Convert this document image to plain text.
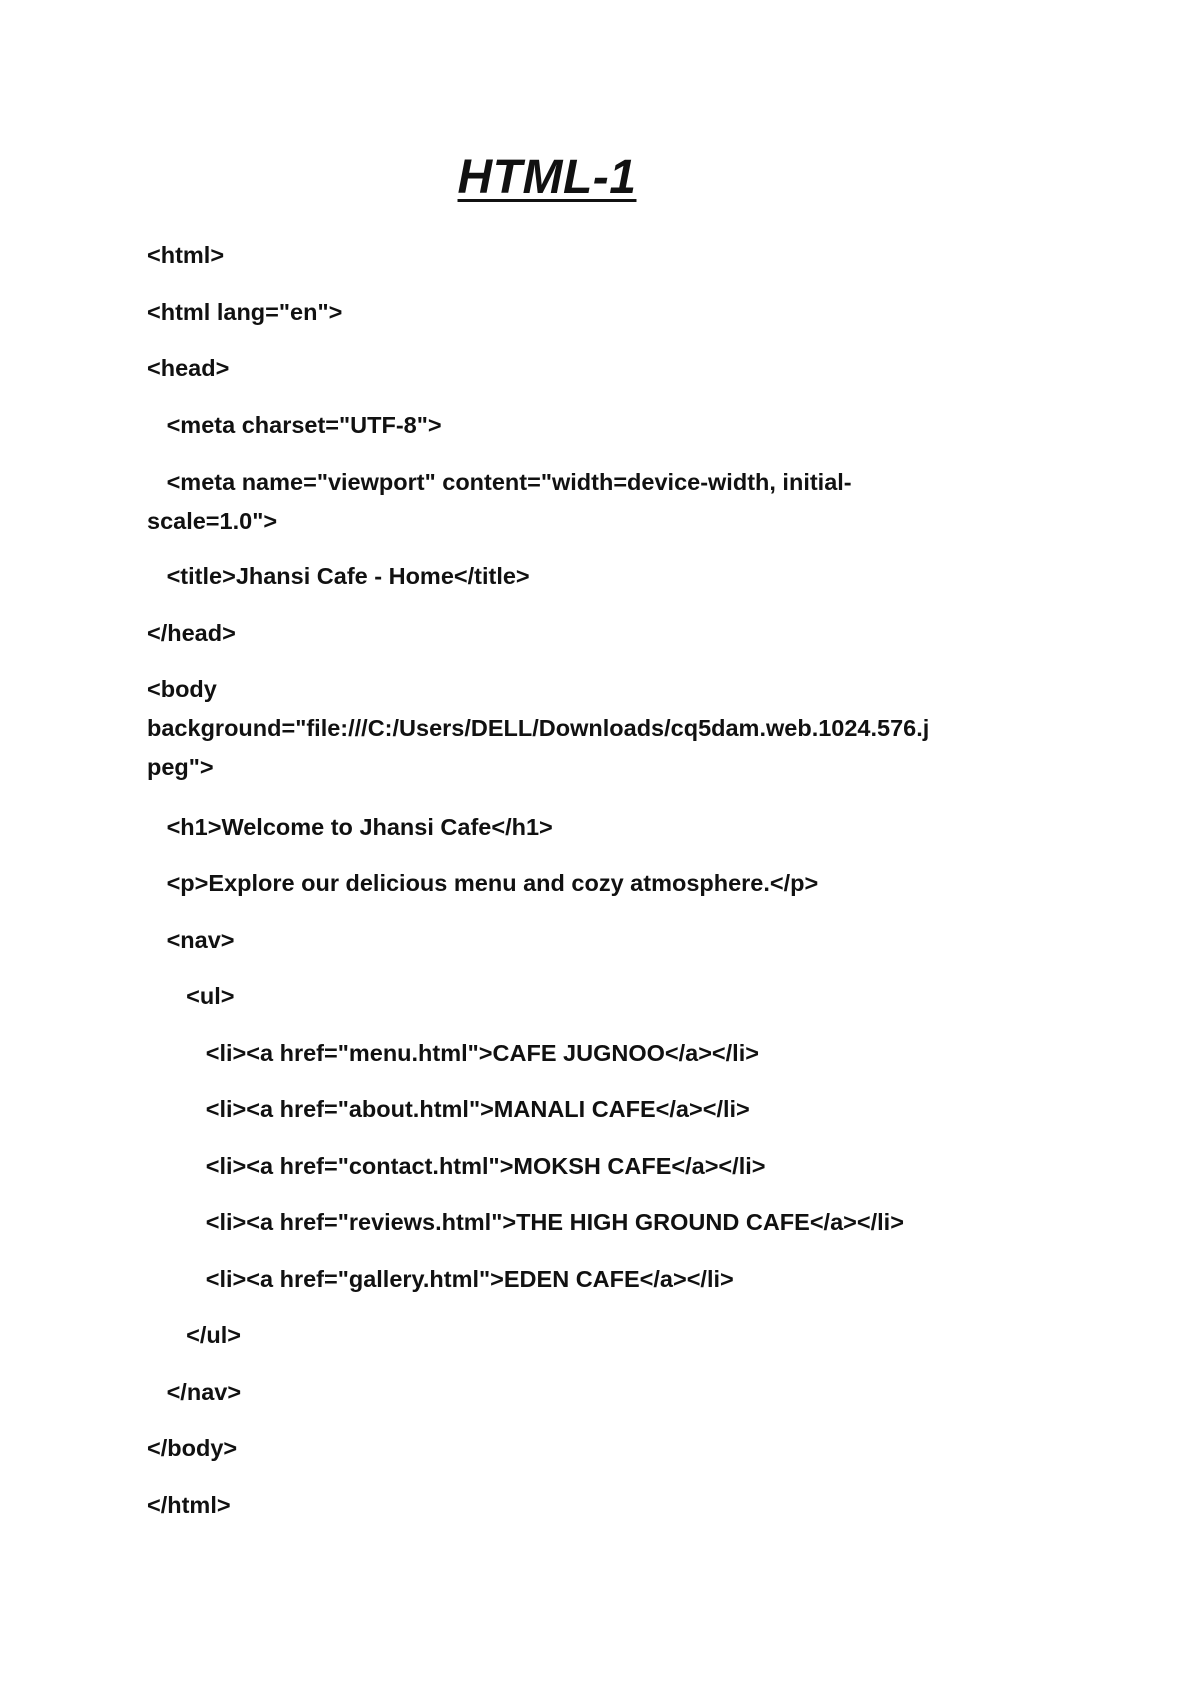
HTML-1
<html>
<html lang="en">
<head>
<meta charset="UTF-8">
<meta name="viewport" content="width=device-width, initial-
scale=1.0">
<title>Jhansi Cafe - Home</title>
</head>
<body
background="file:///C:/Users/DELL/Downloads/cq5dam.web.1024.576.j
peg">
<h1>Welcome to Jhansi Cafe</h1>
<p>Explore our delicious menu and cozy atmosphere.</p>
<nav>
<ul>
<li><a href="menu.html">CAFE JUGNOO</a></li>
<li><a href="about.html">MANALI CAFE</a></li>
<li><a href="contact.html">MOKSH CAFE</a></li>
<li><a href="reviews.html">THE HIGH GROUND CAFE</a></li>
<li><a href="gallery.html">EDEN CAFE</a></li>
</ul>
</nav>
</body>
</html>
